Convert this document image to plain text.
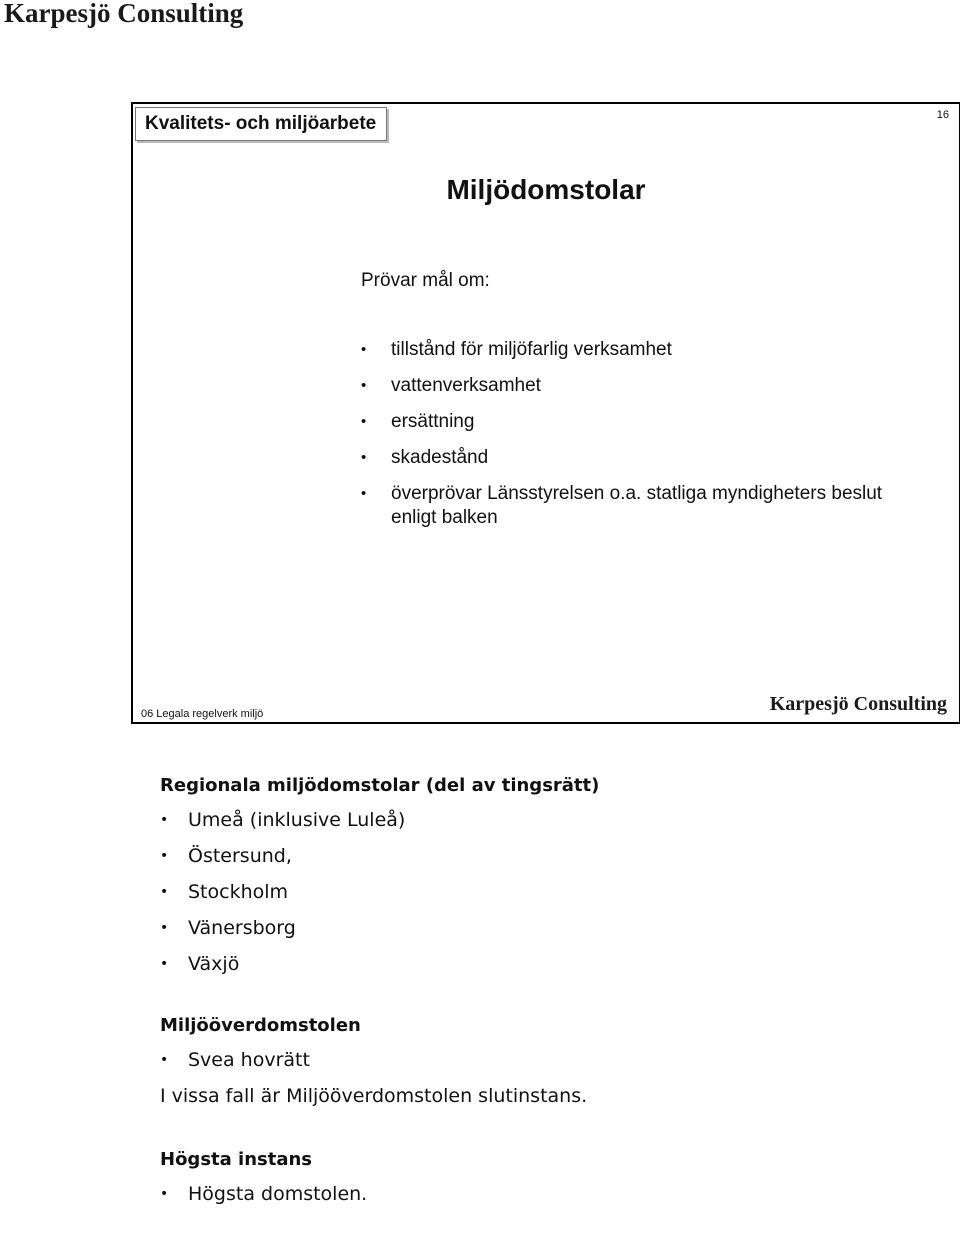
Karpesjö Consulting
Kvalitets- och miljöarbete	16
Miljödomstolar
Prövar mål om:
• tillstånd för miljöfarlig verksamhet
• vattenverksamhet
• ersättning
• skadestånd
• överprövar Länsstyrelsen o.a. statliga myndigheters beslut enligt balken
06 Legala regelverk miljö	Karpesjö Consulting
Regionala miljödomstolar (del av tingsrätt)
• Umeå (inklusive Luleå)
• Östersund,
• Stockholm
• Vänersborg
• Växjö
Miljööverdomstolen
• Svea hovrätt

I vissa fall är Miljööverdomstolen slutinstans.

Högsta instans
• Högsta domstolen.
